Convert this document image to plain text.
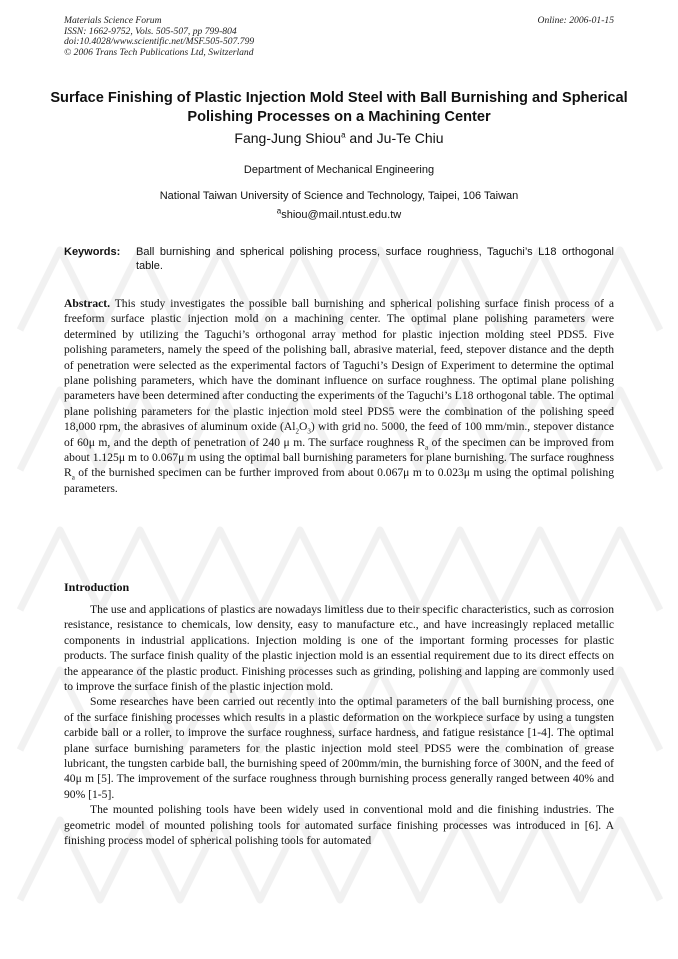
Materials Science Forum
ISSN: 1662-9752, Vols. 505-507, pp 799-804
doi:10.4028/www.scientific.net/MSF.505-507.799
© 2006 Trans Tech Publications Ltd, Switzerland
Online: 2006-01-15
Surface Finishing of Plastic Injection Mold Steel with Ball Burnishing and Spherical Polishing Processes on a Machining Center
Fang-Jung Shiou$^a$ and Ju-Te Chiu
Department of Mechanical Engineering
National Taiwan University of Science and Technology, Taipei, 106 Taiwan
$^a$shiou@mail.ntust.edu.tw
Keywords:	Ball burnishing and spherical polishing process, surface roughness, Taguchi’s L18 orthogonal table.
Abstract. This study investigates the possible ball burnishing and spherical polishing surface finish process of a freeform surface plastic injection mold on a machining center. The optimal plane polishing parameters were determined by utilizing the Taguchi’s orthogonal array method for plastic injection molding steel PDS5. Five polishing parameters, namely the speed of the polishing ball, abrasive material, feed, stepover distance and the depth of penetration were selected as the experimental factors of Taguchi’s Design of Experiment to determine the optimal plane polishing parameters, which have the dominant influence on surface roughness. The optimal plane polishing parameters have been determined after conducting the experiments of the Taguchi’s L18 orthogonal table. The optimal plane polishing parameters for the plastic injection mold steel PDS5 were the combination of the polishing speed 18,000 rpm, the abrasives of aluminum oxide $(Al_2O_3)$ with grid no. 5000, the feed of 100 mm/min., stepover distance of 60μ m, and the depth of penetration of 240 μ m. The surface roughness $R_a$ of the specimen can be improved from about 1.125μ m to 0.067μ m using the optimal ball burnishing parameters for plane burnishing. The surface roughness $R_a$ of the burnished specimen can be further improved from about 0.067μ m to 0.023μ m using the optimal polishing parameters.
Introduction

The use and applications of plastics are nowadays limitless due to their specific characteristics, such as corrosion resistance, resistance to chemicals, low density, easy to manufacture etc., and have increasingly replaced metallic components in industrial applications. Injection molding is one of the important forming processes for plastic products. The surface finish quality of the plastic injection mold is an essential requirement due to its direct effects on the appearance of the plastic product. Finishing processes such as grinding, polishing and lapping are commonly used to improve the surface finish of the plastic injection mold.

Some researches have been carried out recently into the optimal parameters of the ball burnishing process, one of the surface finishing processes which results in a plastic deformation on the workpiece surface by using a tungsten carbide ball or a roller, to improve the surface roughness, surface hardness, and fatigue resistance [1-4]. The optimal plane surface burnishing parameters for the plastic injection mold steel PDS5 were the combination of grease lubricant, the tungsten carbide ball, the burnishing speed of 200mm/min, the burnishing force of 300N, and the feed of 40μ m [5]. The improvement of the surface roughness through burnishing process generally ranged between 40% and 90% [1-5].

The mounted polishing tools have been widely used in conventional mold and die finishing industries. The geometric model of mounted polishing tools for automated surface finishing processes was introduced in [6]. A finishing process model of spherical polishing tools for automated
